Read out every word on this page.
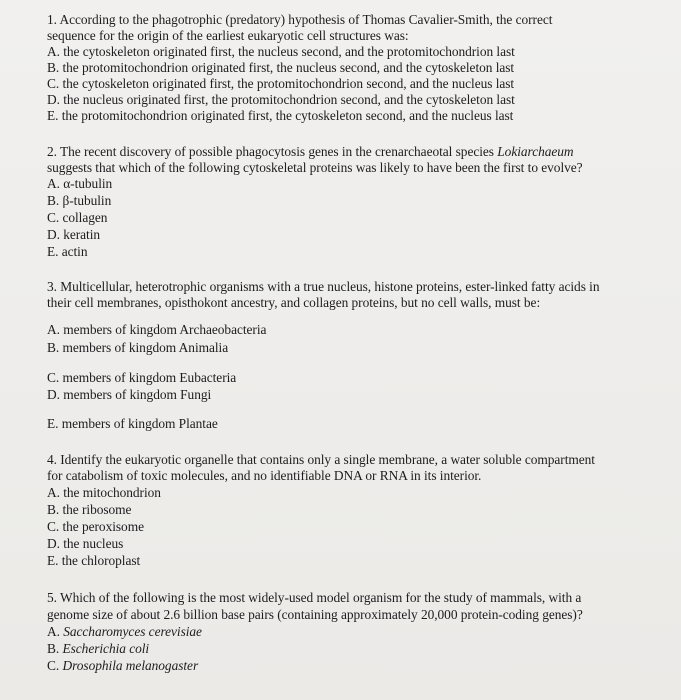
1. According to the phagotrophic (predatory) hypothesis of Thomas Cavalier-Smith, the correct
sequence for the origin of the earliest eukaryotic cell structures was:
A. the cytoskeleton originated first, the nucleus second, and the protomitochondrion last
B. the protomitochondrion originated first, the nucleus second, and the cytoskeleton last
C. the cytoskeleton originated first, the protomitochondrion second, and the nucleus last
D. the nucleus originated first, the protomitochondrion second, and the cytoskeleton last
E. the protomitochondrion originated first, the cytoskeleton second, and the nucleus last
2. The recent discovery of possible phagocytosis genes in the crenarchaeotal species Lokiarchaeum
suggests that which of the following cytoskeletal proteins was likely to have been the first to evolve?
A. α-tubulin
B. β-tubulin
C. collagen
D. keratin
E. actin
3. Multicellular, heterotrophic organisms with a true nucleus, histone proteins, ester-linked fatty acids in
their cell membranes, opisthokont ancestry, and collagen proteins, but no cell walls, must be:
A. members of kingdom Archaeobacteria
B. members of kingdom Animalia
C. members of kingdom Eubacteria
D. members of kingdom Fungi
E. members of kingdom Plantae
4. Identify the eukaryotic organelle that contains only a single membrane, a water soluble compartment
for catabolism of toxic molecules, and no identifiable DNA or RNA in its interior.
A. the mitochondrion
B. the ribosome
C. the peroxisome
D. the nucleus
E. the chloroplast
5. Which of the following is the most widely-used model organism for the study of mammals, with a
genome size of about 2.6 billion base pairs (containing approximately 20,000 protein-coding genes)?
A. Saccharomyces cerevisiae
B. Escherichia coli
C. Drosophila melanogaster
